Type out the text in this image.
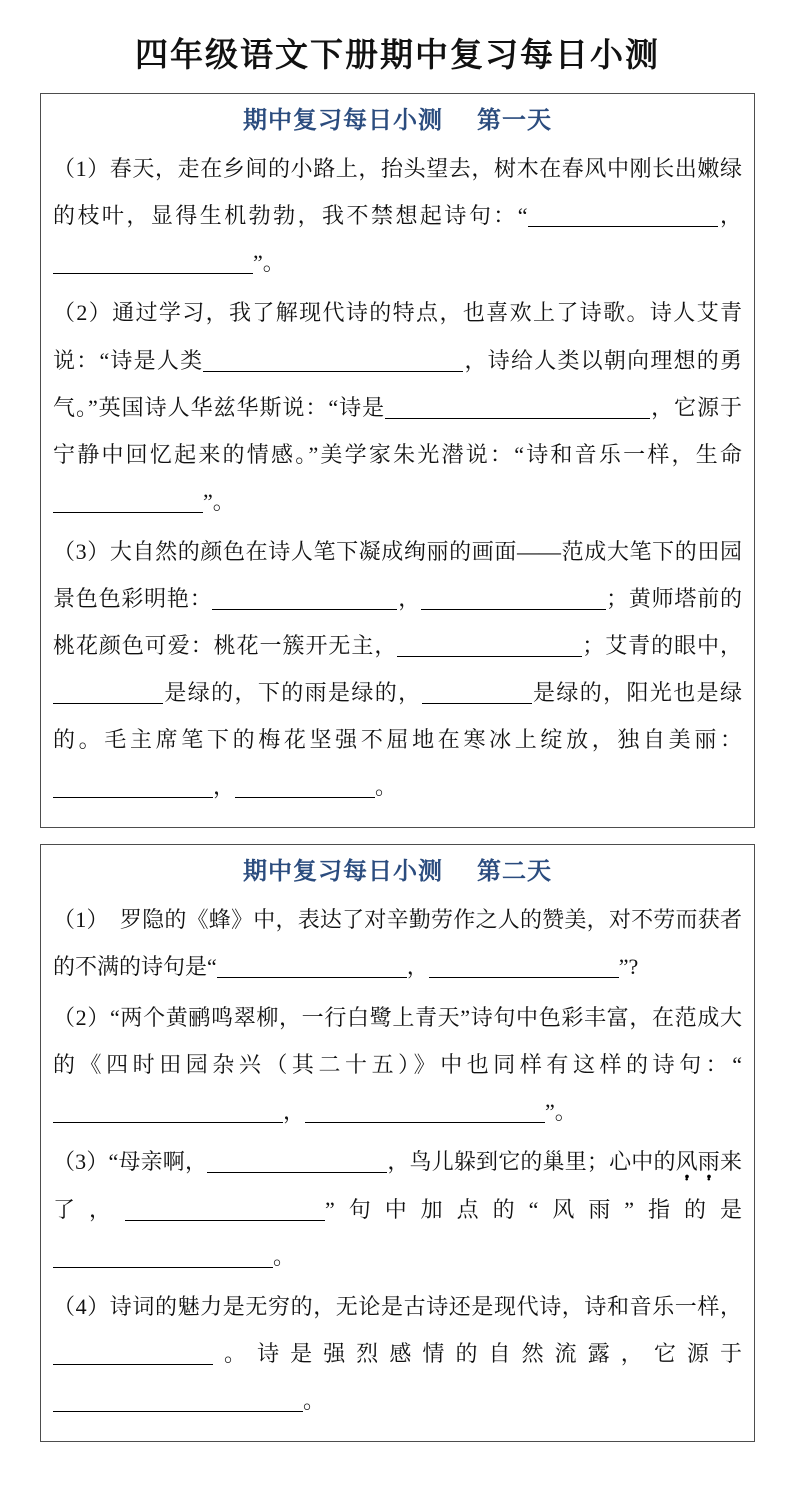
四年级语文下册期中复习每日小测
期中复习每日小测 第一天

（1）春天，走在乡间的小路上，抬头望去，树木在春风中刚长出嫩绿的枝叶，显得生机勃勃，我不禁想起诗句：“	，”。

（2）通过学习，我了解现代诗的特点，也喜欢上了诗歌。诗人艾青说：“诗是人类	，诗给人类以朝向理想的勇气。”英国诗人华兹华斯说：“诗是	，它源于宁静中回忆起来的情感。”美学家朱光潜说：“诗和音乐一样，生命”。

（3）大自然的颜色在诗人笔下凝成绚丽的画面——范成大笔下的田园景色色彩明艳：	，	；黄师塔前的桃花颜色可爱：桃花一簇开无主，	；艾青的眼中，是绿的，下的雨是绿的，	是绿的，阳光也是绿的。毛主席笔下的梅花坚强不屈地在寒冰上绽放，独自美丽：，	。

期中复习每日小测 第二天

（1）　罗隐的《蜂》中，表达了对辛勤劳作之人的赞美，对不劳而获者的不满的诗句是“	，	”?

（2）“两个黄鹂鸣翠柳，一行白鹭上青天”诗句中色彩丰富，在范成大的《四时田园杂兴（其二十五）》中也同样有这样的诗句：“，	”。

（3）“母亲啊，	，鸟儿躲到它的巢里；心中的风雨来了，	”句中加点的“风雨”指的是。

（4）诗词的魅力是无穷的，无论是古诗还是现代诗，诗和音乐一样，。诗是强烈感情的自然流露，它源于。
